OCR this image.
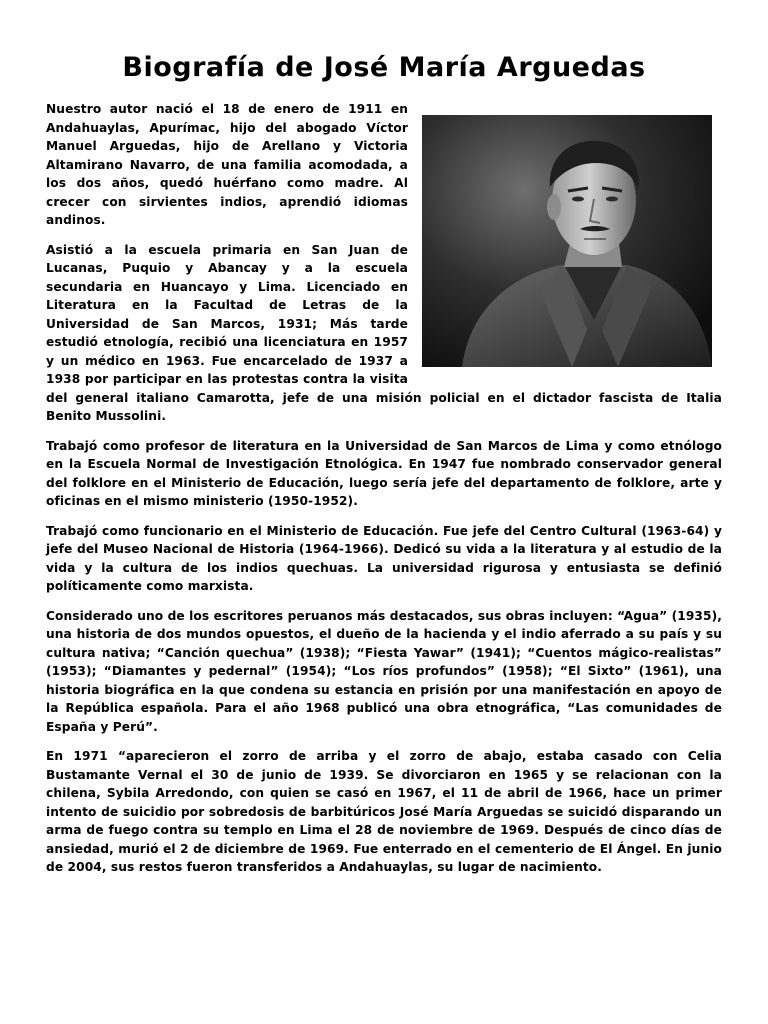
Biografía de José María Arguedas

Nuestro autor nació el 18 de enero de 1911 en Andahuaylas, Apurímac, hijo del abogado Víctor Manuel Arguedas, hijo de Arellano y Victoria Altamirano Navarro, de una familia acomodada, a los dos años, quedó huérfano como madre. Al crecer con sirvientes indios, aprendió idiomas andinos.

Asistió a la escuela primaria en San Juan de Lucanas, Puquio y Abancay y a la escuela secundaria en Huancayo y Lima. Licenciado en Literatura en la Facultad de Letras de la Universidad de San Marcos, 1931; Más tarde estudió etnología, recibió una licenciatura en 1957 y un médico en 1963. Fue encarcelado de 1937 a 1938 por participar en las protestas contra la visita del general italiano Camarotta, jefe de una misión policial en el dictador fascista de Italia Benito Mussolini.

Trabajó como profesor de literatura en la Universidad de San Marcos de Lima y como etnólogo en la Escuela Normal de Investigación Etnológica. En 1947 fue nombrado conservador general del folklore en el Ministerio de Educación, luego sería jefe del departamento de folklore, arte y oficinas en el mismo ministerio (1950-1952).

Trabajó como funcionario en el Ministerio de Educación. Fue jefe del Centro Cultural (1963-64) y jefe del Museo Nacional de Historia (1964-1966). Dedicó su vida a la literatura y al estudio de la vida y la cultura de los indios quechuas. La universidad rigurosa y entusiasta se definió políticamente como marxista.

Considerado uno de los escritores peruanos más destacados, sus obras incluyen: “Agua” (1935), una historia de dos mundos opuestos, el dueño de la hacienda y el indio aferrado a su país y su cultura nativa; “Canción quechua” (1938); “Fiesta Yawar” (1941); “Cuentos mágico-realistas” (1953); “Diamantes y pedernal” (1954); “Los ríos profundos” (1958); “El Sixto” (1961), una historia biográfica en la que condena su estancia en prisión por una manifestación en apoyo de la República española. Para el año 1968 publicó una obra etnográfica, “Las comunidades de España y Perú”.

En 1971 “aparecieron el zorro de arriba y el zorro de abajo, estaba casado con Celia Bustamante Vernal el 30 de junio de 1939. Se divorciaron en 1965 y se relacionan con la chilena, Sybila Arredondo, con quien se casó en 1967, el 11 de abril de 1966, hace un primer intento de suicidio por sobredosis de barbitúricos José María Arguedas se suicidó disparando un arma de fuego contra su templo en Lima el 28 de noviembre de 1969. Después de cinco días de ansiedad, murió el 2 de diciembre de 1969. Fue enterrado en el cementerio de El Ángel. En junio de 2004, sus restos fueron transferidos a Andahuaylas, su lugar de nacimiento.
